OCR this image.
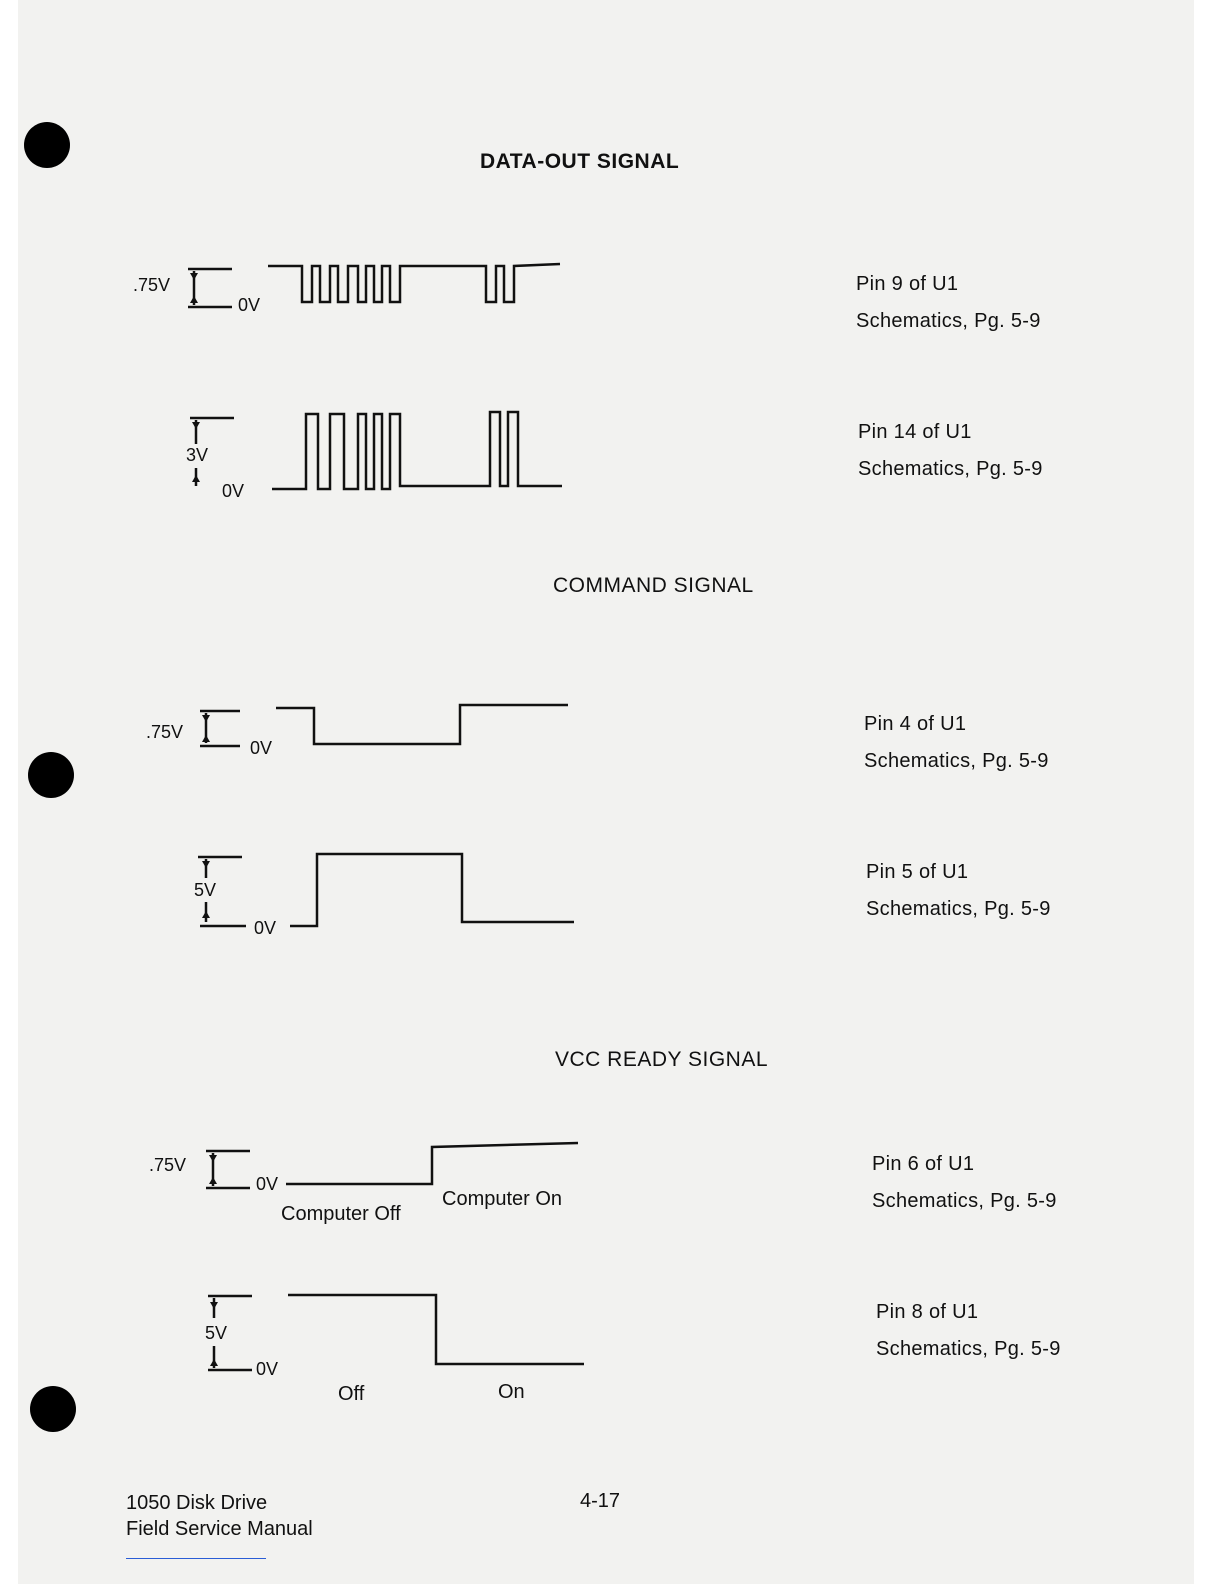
DATA-OUT SIGNAL
COMMAND SIGNAL
VCC READY SIGNAL
.75V
0V
3V
0V
.75V
0V
5V
0V
.75V
0V
5V
0V
Computer Off
Computer On
Off	On
Pin 9 of U1
Schematics, Pg. 5-9
Pin 14 of U1
Schematics, Pg. 5-9
Pin 4 of U1
Schematics, Pg. 5-9
Pin 5 of U1
Schematics, Pg. 5-9
Pin 6 of U1
Schematics, Pg. 5-9
Pin 8 of U1
Schematics, Pg. 5-9
1050 Disk Drive
Field Service Manual
4-17
